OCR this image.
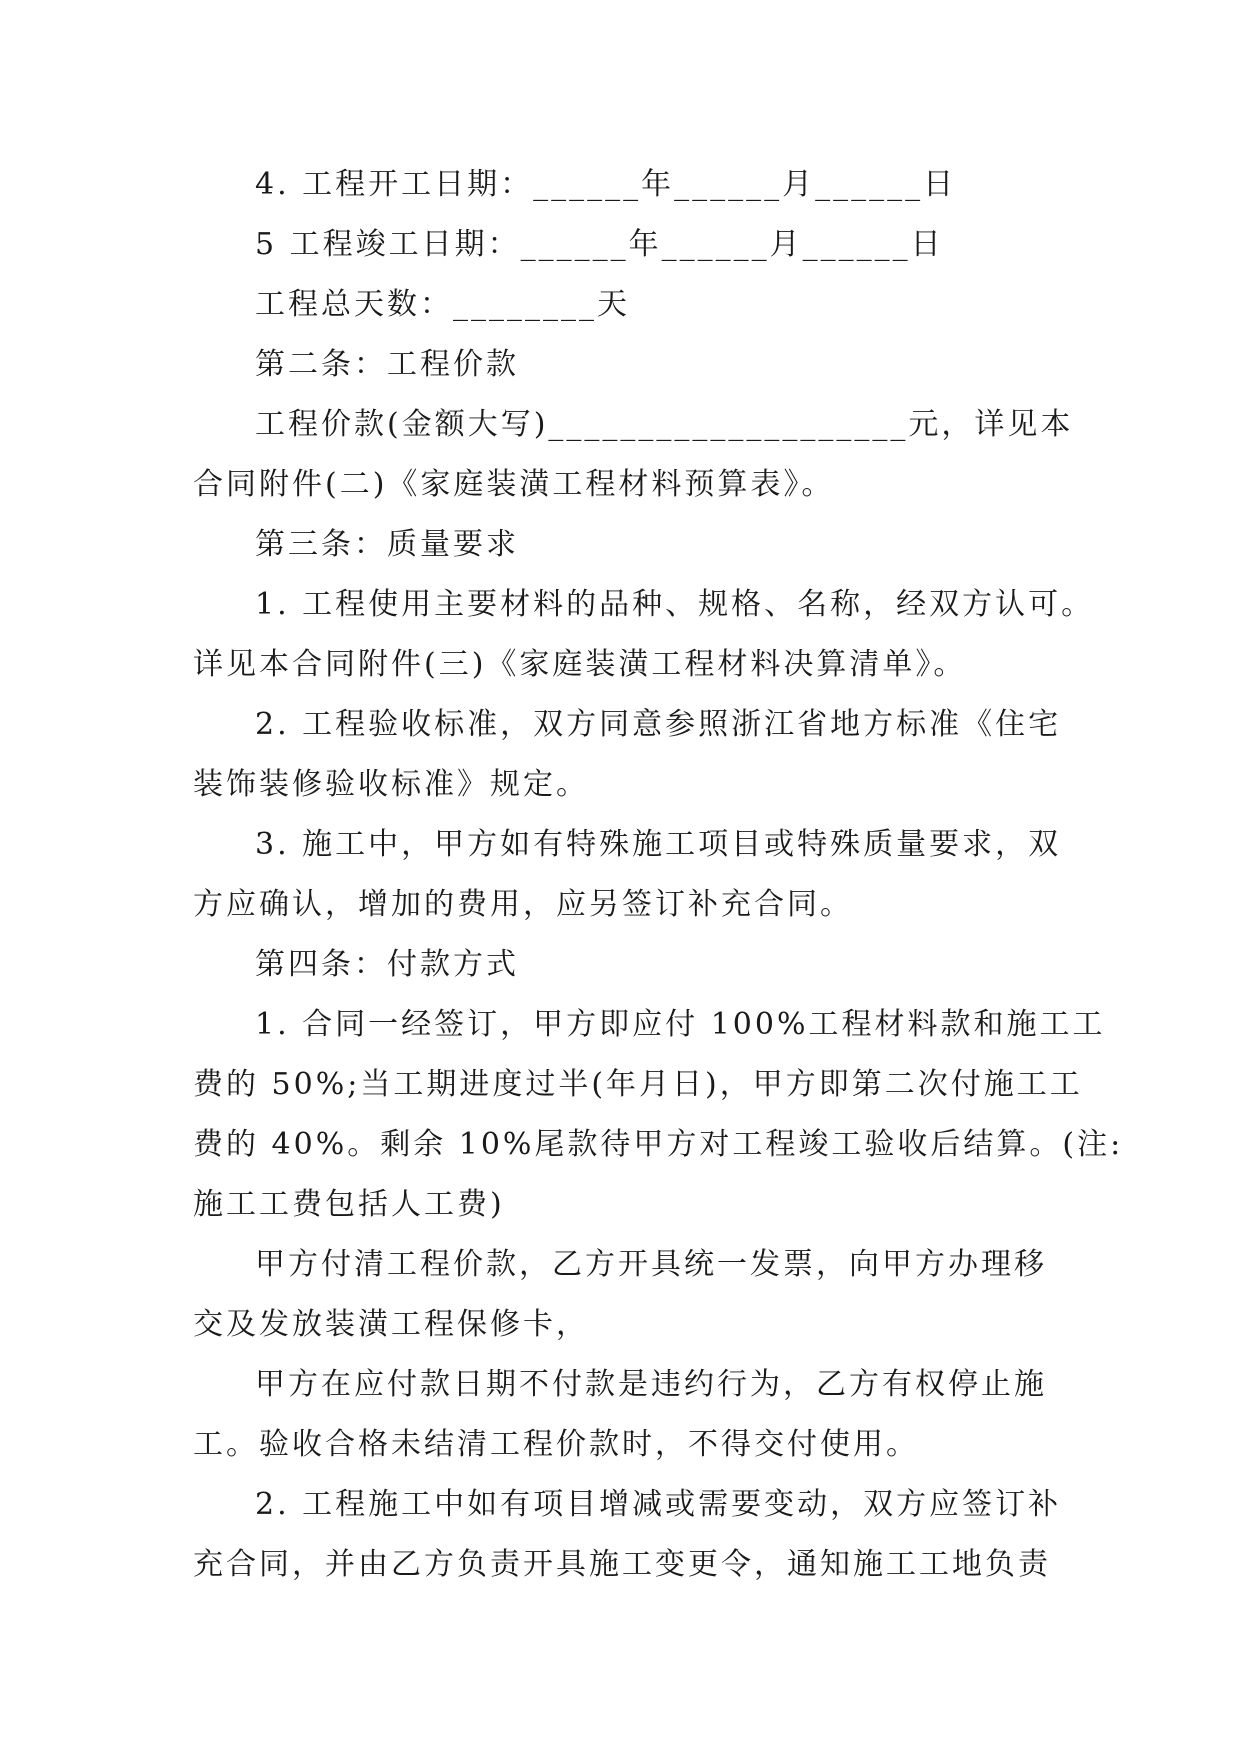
4. 工程开工日期：______年______月______日
5 工程竣工日期：______年______月______日
工程总天数：________天
第二条：工程价款
工程价款(金额大写)____________________元，详见本
合同附件(二)《家庭装潢工程材料预算表》。
第三条：质量要求
1. 工程使用主要材料的品种、规格、名称，经双方认可。
详见本合同附件(三)《家庭装潢工程材料决算清单》。
2. 工程验收标准，双方同意参照浙江省地方标准《住宅
装饰装修验收标准》规定。
3. 施工中，甲方如有特殊施工项目或特殊质量要求，双
方应确认，增加的费用，应另签订补充合同。
第四条：付款方式
1. 合同一经签订，甲方即应付 100%工程材料款和施工工
费的 50%;当工期进度过半(年月日)，甲方即第二次付施工工
费的 40%。剩余 10%尾款待甲方对工程竣工验收后结算。(注:
施工工费包括人工费)
甲方付清工程价款，乙方开具统一发票，向甲方办理移
交及发放装潢工程保修卡，
甲方在应付款日期不付款是违约行为，乙方有权停止施
工。验收合格未结清工程价款时，不得交付使用。
2. 工程施工中如有项目增减或需要变动，双方应签订补
充合同，并由乙方负责开具施工变更令，通知施工工地负责
